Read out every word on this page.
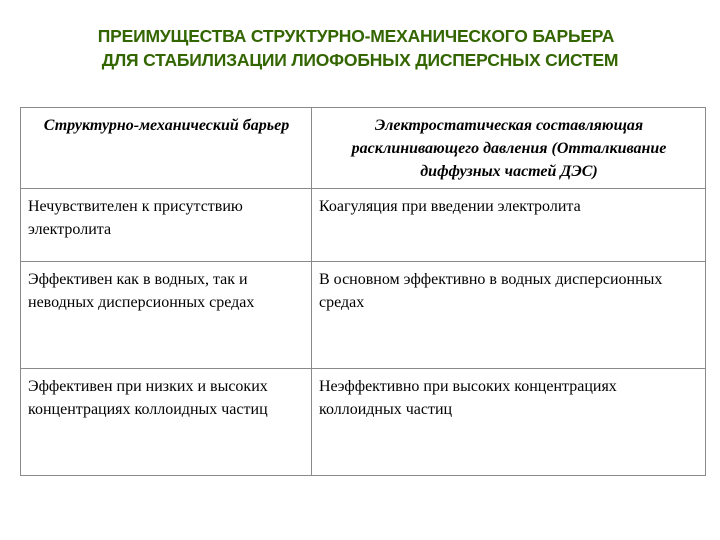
ПРЕИМУЩЕСТВА СТРУКТУРНО-МЕХАНИЧЕСКОГО БАРЬЕРА
ДЛЯ СТАБИЛИЗАЦИИ ЛИОФОБНЫХ ДИСПЕРСНЫХ СИСТЕМ
Структурно-механический барьер	Электростатическая составляющая расклинивающего давления (Отталкивание диффузных частей ДЭС)
Нечувствителен к присутствию электролита	Коагуляция при введении электролита
Эффективен как в водных, так и неводных дисперсионных средах	В основном эффективно в водных дисперсионных средах
Эффективен при низких и высоких концентрациях коллоидных частиц	Неэффективно при высоких концентрациях коллоидных частиц
